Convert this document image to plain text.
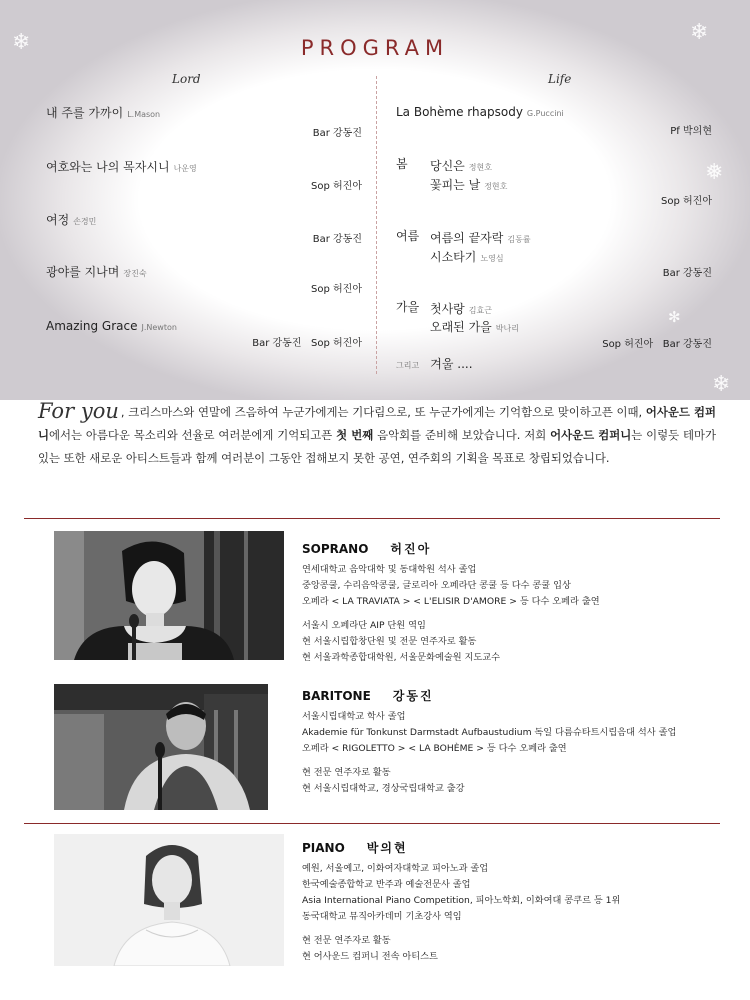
❄	❄
❅
❄
✻
PROGRAM
Lord	Life
내 주를 가까이 L.Mason
Bar 강동진
여호와는 나의 목자시니 나운영
Sop 허진아
여정 손경민
Bar 강동진
광야를 지나며 장진숙
Sop 허진아
Amazing Grace J.Newton
Bar 강동진   Sop 허진아
La Bohème rhapsody G.Puccini
Pf 박의현
봄 당신은 정현호
꽃피는 날 정현호
Sop 허진아
여름 여름의 끝자락 김동률
시소타기 노영심
Bar 강동진
가을 첫사랑 김효근
오래된 가을 박나리
Sop 허진아   Bar 강동진
그리고 겨울 ....
For you , 크리스마스와 연말에 즈음하여 누군가에게는 기다림으로, 또 누군가에게는 기억함으로 맞이하고픈 이때, 어사운드 컴퍼니에서는 아름다운 목소리와 선율로 여러분에게 기억되고픈 첫 번째 음악회를 준비해 보았습니다. 저희 어사운드 컴퍼니는 이렇듯 테마가 있는 또한 새로운 아티스트들과 함께 여러분이 그동안 접해보지 못한 공연, 연주회의 기획을 목표로 창립되었습니다.
SOPRANO 허진아
연세대학교 음악대학 및 동대학원 석사 졸업
중앙콩쿨, 수리음악콩쿨, 글로리아 오페라단 콩쿨 등 다수 콩쿨 입상
오페라 < LA TRAVIATA > < L'ELISIR D'AMORE > 등 다수 오페라 출연
서울시 오페라단 AIP 단원 역임
현 서울시립합창단원 및 전문 연주자로 활동
현 서울과학종합대학원, 서울문화예술원 지도교수
BARITONE 강동진
서울시립대학교 학사 졸업
Akademie für Tonkunst Darmstadt Aufbaustudium 독일 다름슈타트시립음대 석사 졸업
오페라 < RIGOLETTO > < LA BOHÈME > 등 다수 오페라 출연
현 전문 연주자로 활동
현 서울시립대학교, 경상국립대학교 출강
PIANO 박의현
예원, 서울예고, 이화여자대학교 피아노과 졸업
한국예술종합학교 반주과 예술전문사 졸업
Asia International Piano Competition, 피아노학회, 이화여대 콩쿠르 등 1위
동국대학교 뮤직아카데미 기초강사 역임
현 전문 연주자로 활동
현 어사운드 컴퍼니 전속 아티스트
